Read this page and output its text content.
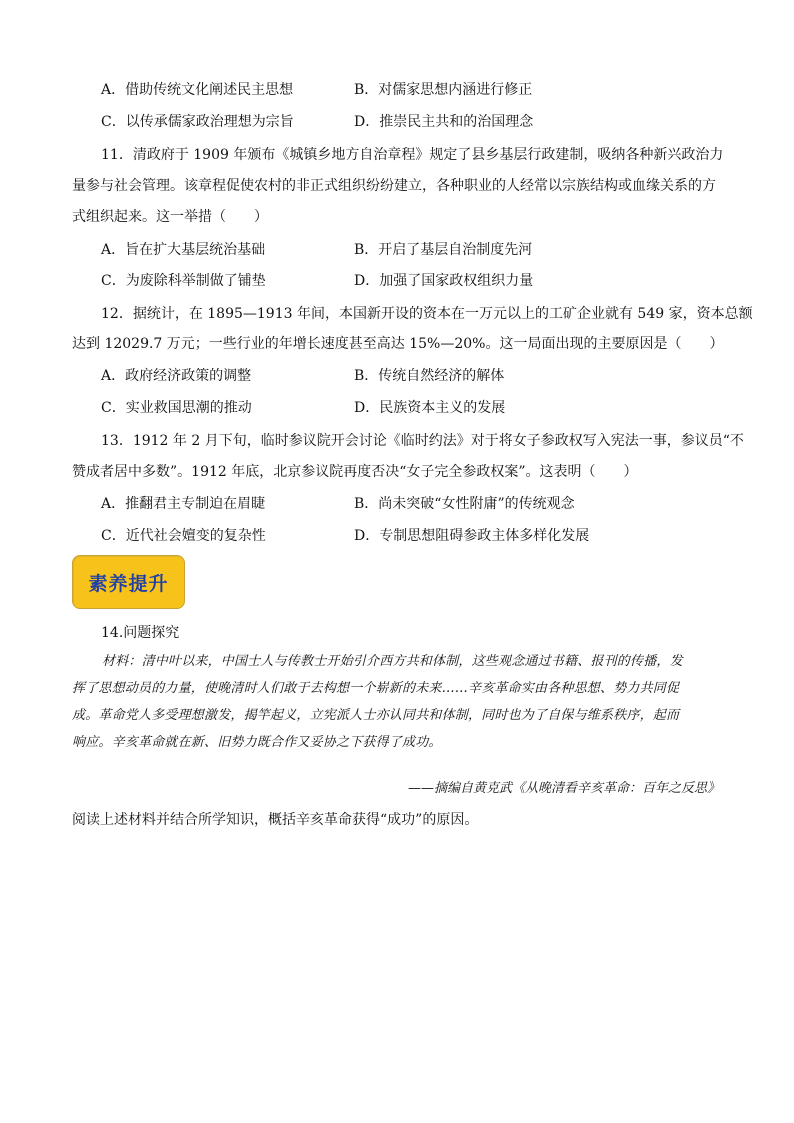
A．借助传统文化阐述民主思想	B．对儒家思想内涵进行修正
C．以传承儒家政治理想为宗旨	D．推崇民主共和的治国理念
11．清政府于 1909 年颁布《城镇乡地方自治章程》规定了县乡基层行政建制，吸纳各种新兴政治力
量参与社会管理。该章程促使农村的非正式组织纷纷建立，各种职业的人经常以宗族结构或血缘关系的方
式组织起来。这一举措（　　）
A．旨在扩大基层统治基础	B．开启了基层自治制度先河
C．为废除科举制做了铺垫	D．加强了国家政权组织力量
12．据统计，在 1895—1913 年间，本国新开设的资本在一万元以上的工矿企业就有 549 家，资本总额
达到 12029.7 万元；一些行业的年增长速度甚至高达 15%—20%。这一局面出现的主要原因是（　　）
A．政府经济政策的调整	B．传统自然经济的解体
C．实业救国思潮的推动	D．民族资本主义的发展
13．1912 年 2 月下旬，临时参议院开会讨论《临时约法》对于将女子参政权写入宪法一事，参议员“不
赞成者居中多数”。1912 年底，北京参议院再度否决“女子完全参政权案”。这表明（　　）
A．推翻君主专制迫在眉睫	B．尚未突破“女性附庸”的传统观念
C．近代社会嬗变的复杂性	D．专制思想阻碍参政主体多样化发展
素养提升
14.问题探究
材料：清中叶以来，中国士人与传教士开始引介西方共和体制，这些观念通过书籍、报刊的传播，发
挥了思想动员的力量，使晚清时人们敢于去构想一个崭新的未来……辛亥革命实由各种思想、势力共同促
成。革命党人多受理想激发，揭竿起义，立宪派人士亦认同共和体制，同时也为了自保与维系秩序，起而
响应。辛亥革命就在新、旧势力既合作又妥协之下获得了成功。
——摘编自黄克武《从晚清看辛亥革命：百年之反思》
阅读上述材料并结合所学知识，概括辛亥革命获得“成功”的原因。
